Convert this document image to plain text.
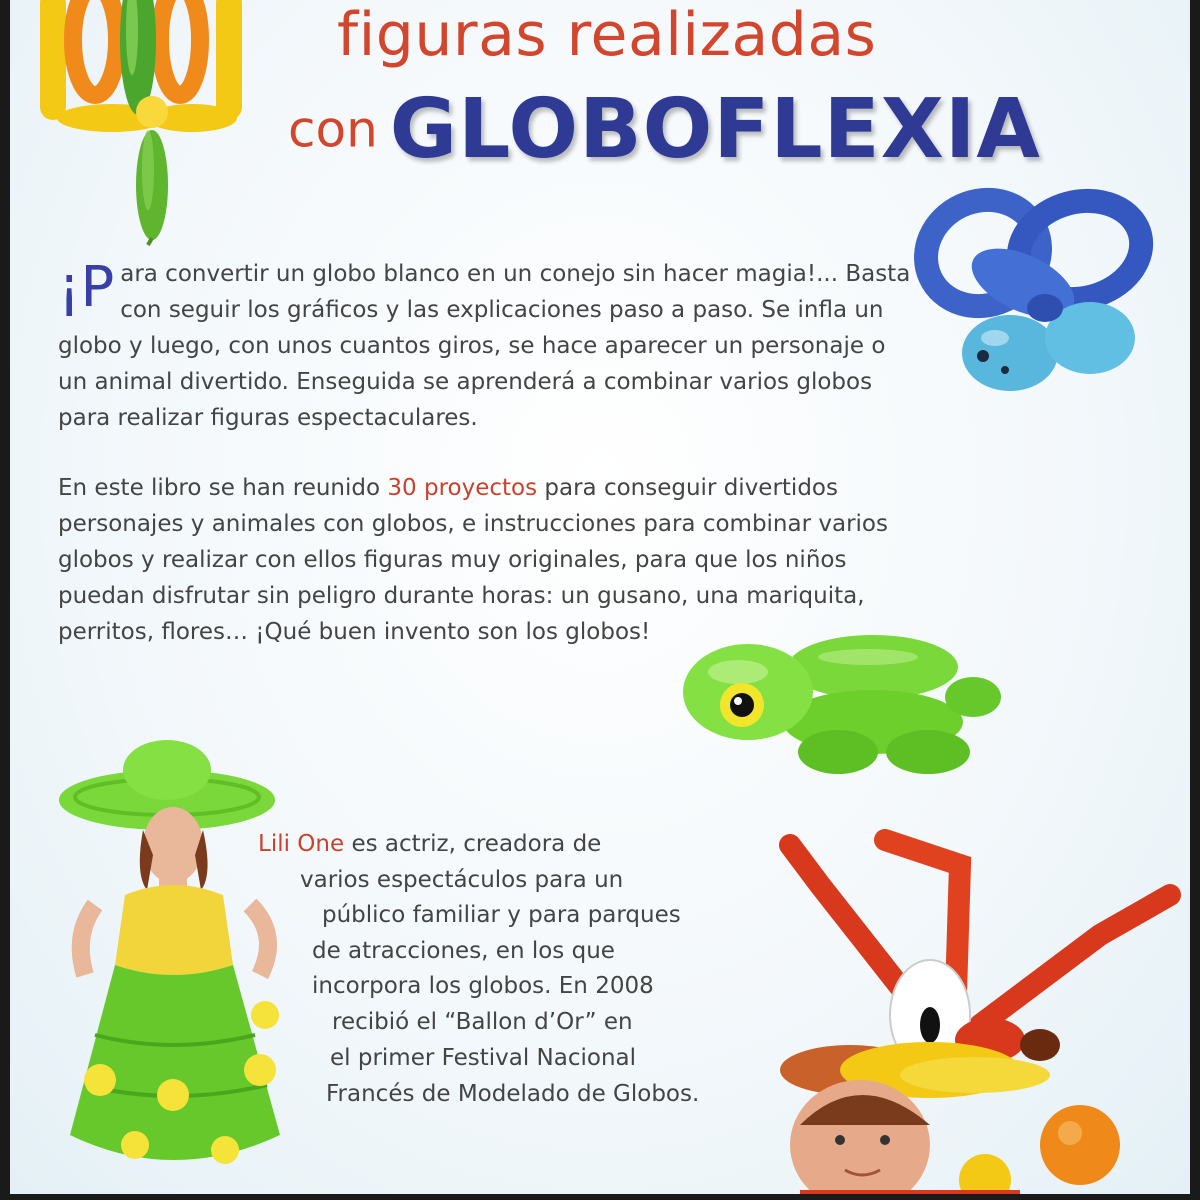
figuras realizadas
con GLOBOFLEXIA

¡P ara convertir un globo blanco en un conejo sin hacer magia!... Basta con seguir los gráficos y las explicaciones paso a paso. Se infla un globo y luego, con unos cuantos giros, se hace aparecer un personaje o un animal divertido. Enseguida se aprenderá a combinar varios globos para realizar figuras espectaculares.

En este libro se han reunido 30 proyectos para conseguir divertidos personajes y animales con globos, e instrucciones para combinar varios globos y realizar con ellos figuras muy originales, para que los niños puedan disfrutar sin peligro durante horas: un gusano, una mariquita, perritos, flores… ¡Qué buen invento son los globos!

Lili One es actriz, creadora de

varios espectáculos para un

público familiar y para parques

de atracciones, en los que

incorpora los globos. En 2008

recibió el “Ballon d’Or” en

el primer Festival Nacional

Francés de Modelado de Globos.
